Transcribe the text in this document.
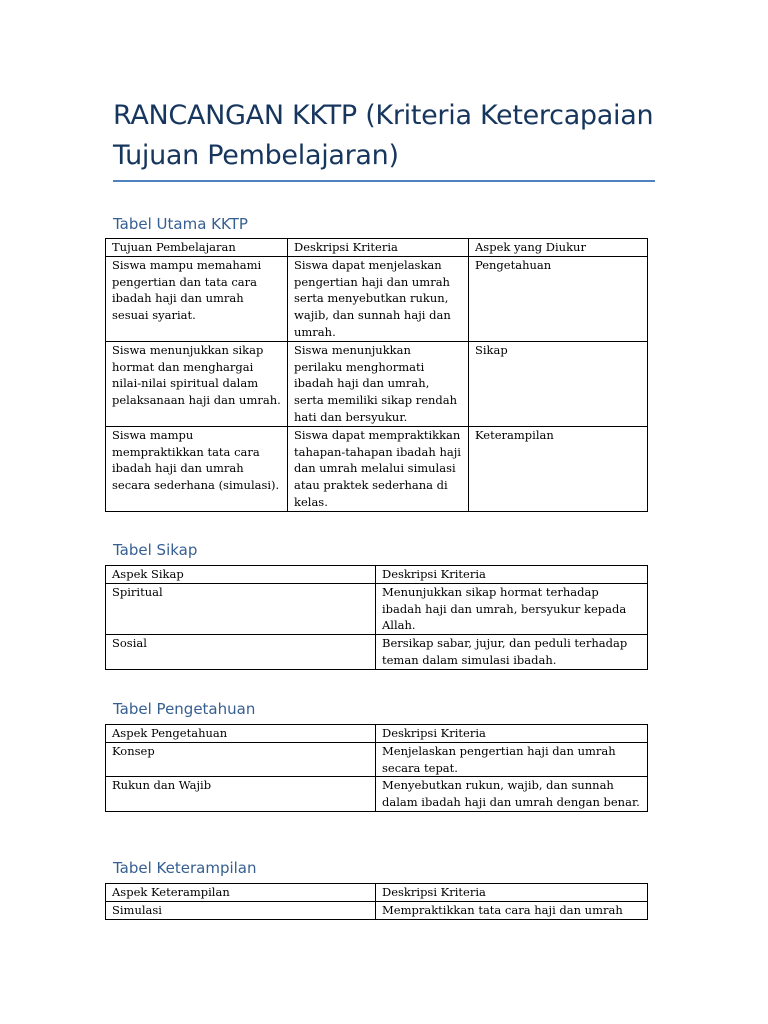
RANCANGAN KKTP (Kriteria Ketercapaian Tujuan Pembelajaran)
Tabel Utama KKTP
Tujuan Pembelajaran	Deskripsi Kriteria	Aspek yang Diukur
Siswa mampu memahami pengertian dan tata cara ibadah haji dan umrah sesuai syariat.	Siswa dapat menjelaskan pengertian haji dan umrah serta menyebutkan rukun, wajib, dan sunnah haji dan umrah.	Pengetahuan
Siswa menunjukkan sikap hormat dan menghargai nilai-nilai spiritual dalam pelaksanaan haji dan umrah.	Siswa menunjukkan perilaku menghormati ibadah haji dan umrah, serta memiliki sikap rendah hati dan bersyukur.	Sikap
Siswa mampu mempraktikkan tata cara ibadah haji dan umrah secara sederhana (simulasi).	Siswa dapat mempraktikkan tahapan-tahapan ibadah haji dan umrah melalui simulasi atau praktek sederhana di kelas.	Keterampilan
Tabel Sikap
Aspek Sikap	Deskripsi Kriteria
Spiritual	Menunjukkan sikap hormat terhadap ibadah haji dan umrah, bersyukur kepada Allah.
Sosial	Bersikap sabar, jujur, dan peduli terhadap teman dalam simulasi ibadah.
Tabel Pengetahuan
Aspek Pengetahuan	Deskripsi Kriteria
Konsep	Menjelaskan pengertian haji dan umrah secara tepat.
Rukun dan Wajib	Menyebutkan rukun, wajib, dan sunnah dalam ibadah haji dan umrah dengan benar.
Tabel Keterampilan
Aspek Keterampilan	Deskripsi Kriteria
Simulasi	Mempraktikkan tata cara haji dan umrah
